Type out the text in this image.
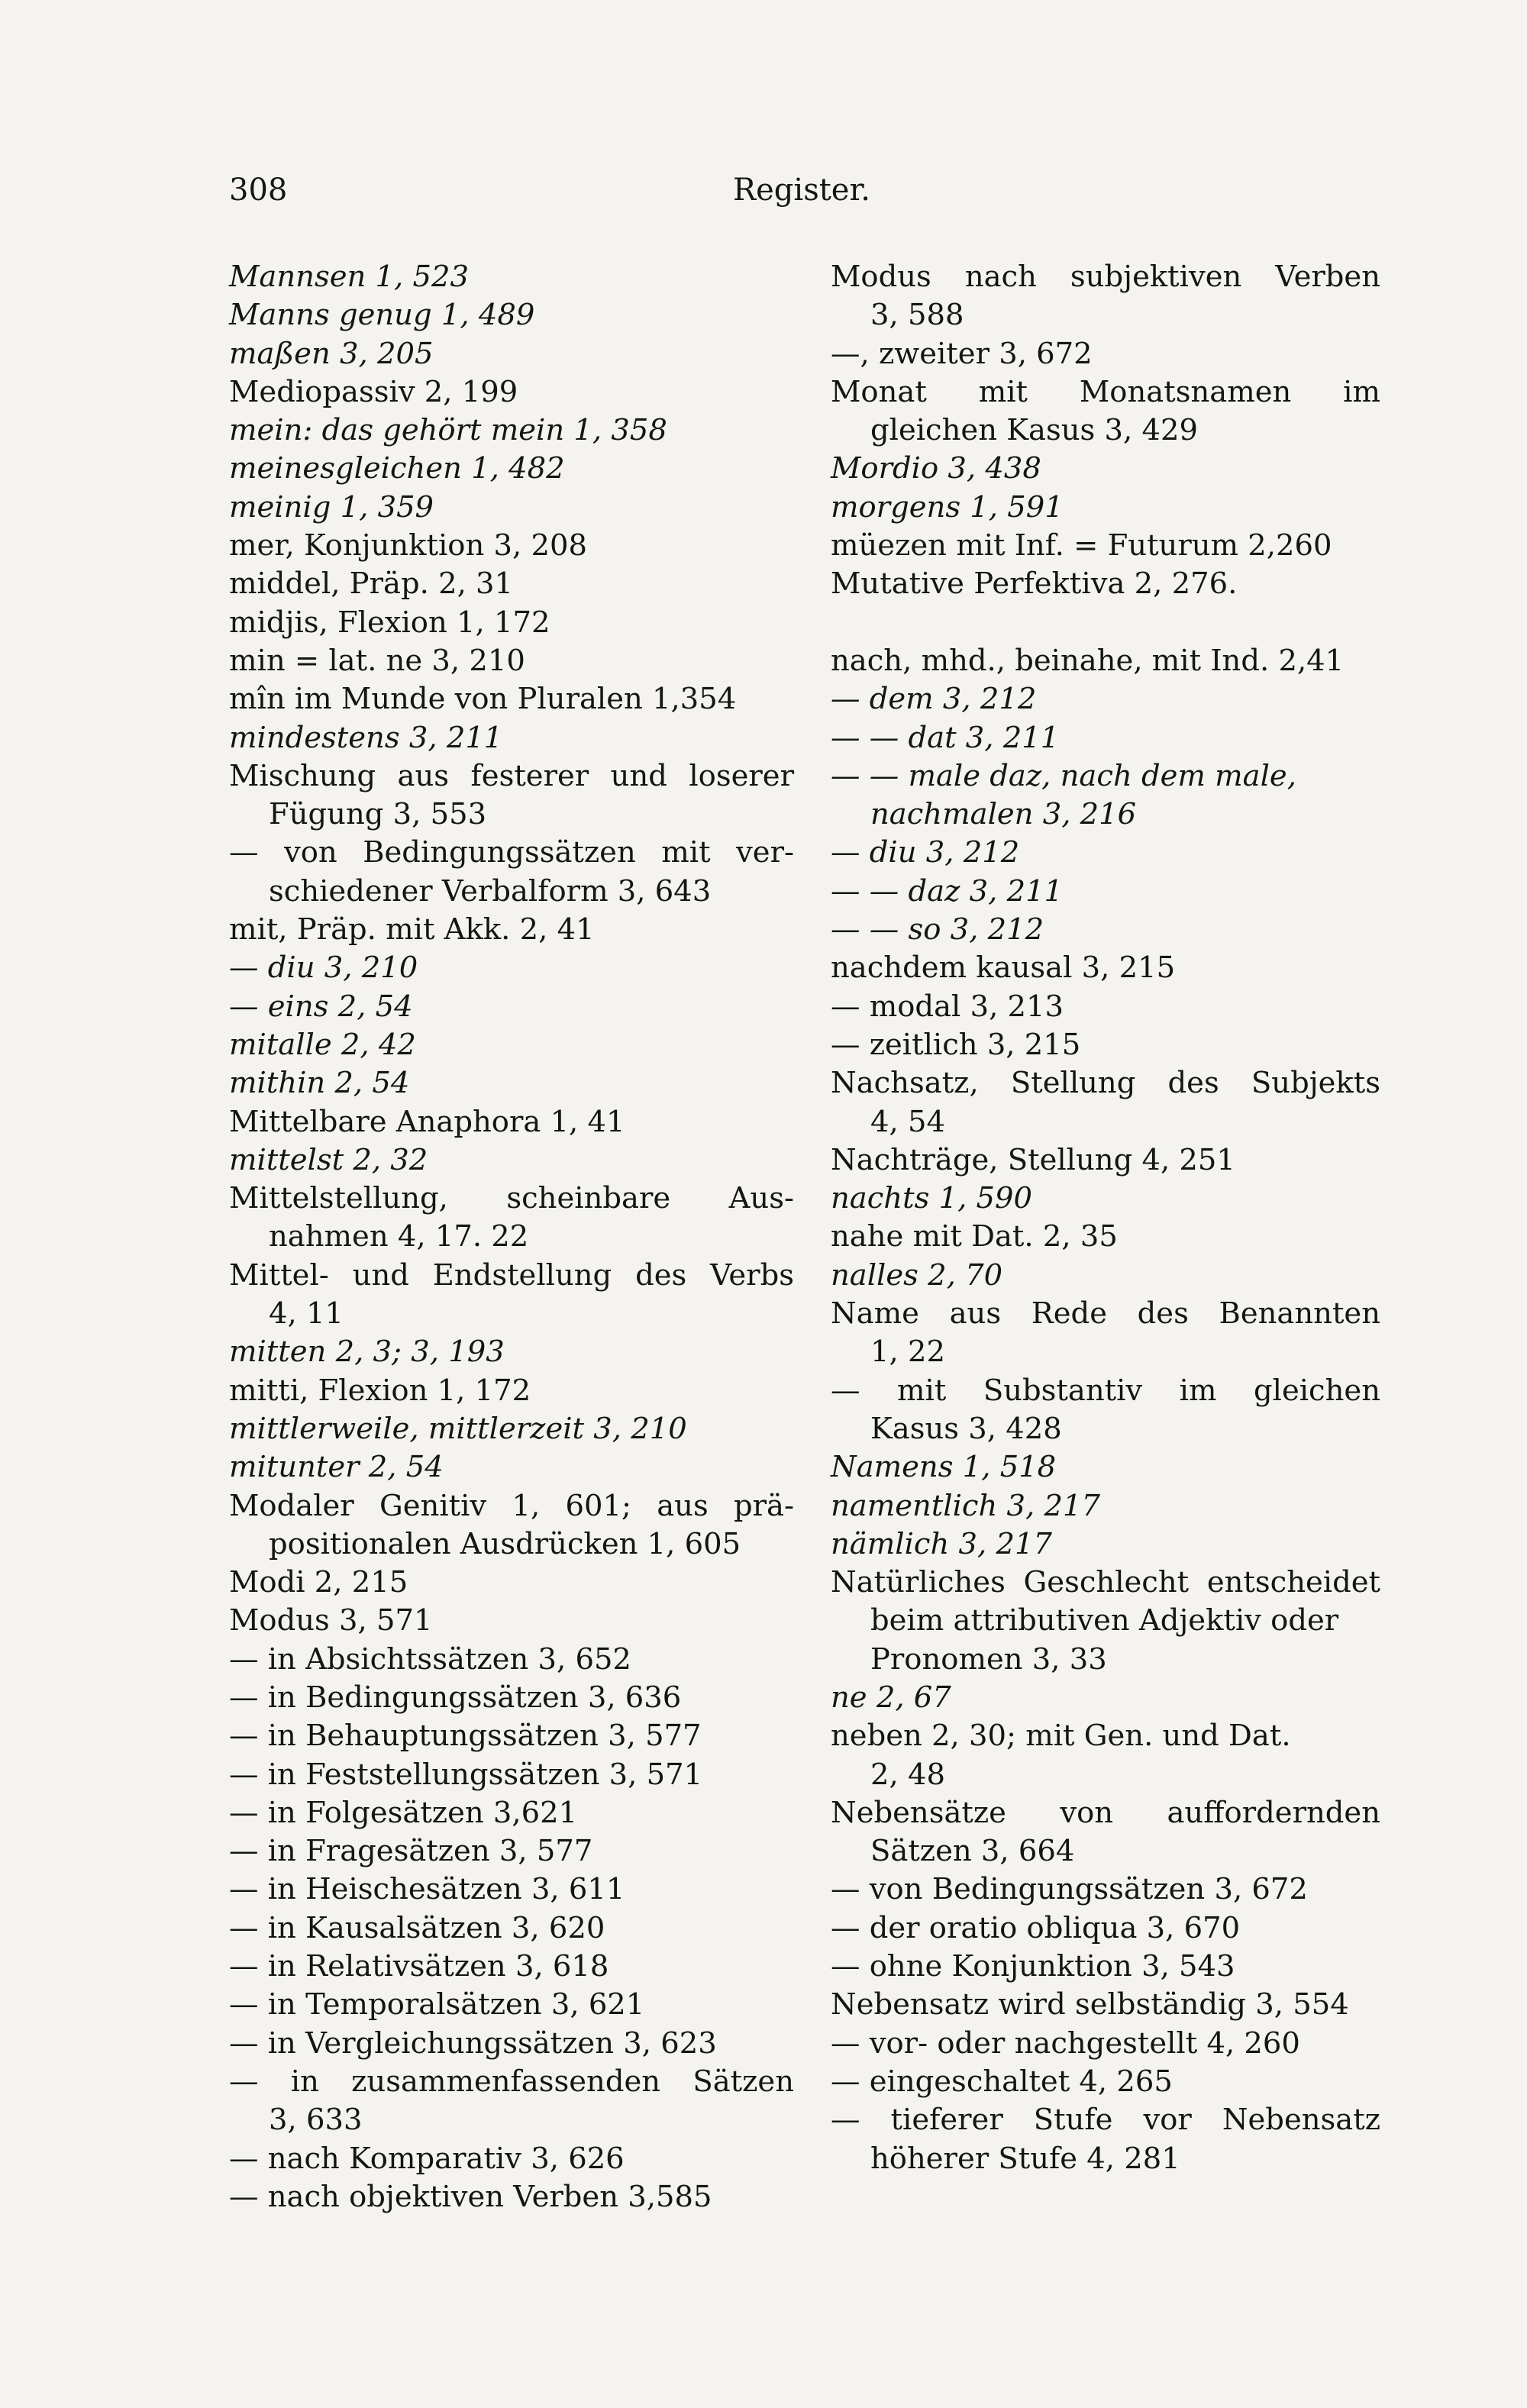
308	Register.
Mannsen 1, 523
Manns genug 1, 489
maßen 3, 205
Mediopassiv 2, 199
mein: das gehört mein 1, 358
meinesgleichen 1, 482
meinig 1, 359
mer, Konjunktion 3, 208
middel, Präp. 2, 31
midjis, Flexion 1, 172
min = lat. ne 3, 210
mîn im Munde von Pluralen 1,354
mindestens 3, 211
Mischung aus festerer und loserer
Fügung 3, 553
— von Bedingungssätzen mit ver-
schiedener Verbalform 3, 643
mit, Präp. mit Akk. 2, 41
— diu 3, 210
— eins 2, 54
mitalle 2, 42
mithin 2, 54
Mittelbare Anaphora 1, 41
mittelst 2, 32
Mittelstellung, scheinbare Aus-
nahmen 4, 17. 22
Mittel- und Endstellung des Verbs
4, 11
mitten 2, 3; 3, 193
mitti, Flexion 1, 172
mittlerweile, mittlerzeit 3, 210
mitunter 2, 54
Modaler Genitiv 1, 601; aus prä-
positionalen Ausdrücken 1, 605
Modi 2, 215
Modus 3, 571
— in Absichtssätzen 3, 652
— in Bedingungssätzen 3, 636
— in Behauptungssätzen 3, 577
— in Feststellungssätzen 3, 571
— in Folgesätzen 3,621
— in Fragesätzen 3, 577
— in Heischesätzen 3, 611
— in Kausalsätzen 3, 620
— in Relativsätzen 3, 618
— in Temporalsätzen 3, 621
— in Vergleichungssätzen 3, 623
— in zusammenfassenden Sätzen
3, 633
— nach Komparativ 3, 626
— nach objektiven Verben 3,585
Modus nach subjektiven Verben
3, 588
—, zweiter 3, 672
Monat mit Monatsnamen im
gleichen Kasus 3, 429
Mordio 3, 438
morgens 1, 591
müezen mit Inf. = Futurum 2,260
Mutative Perfektiva 2, 276.
nach, mhd., beinahe, mit Ind. 2,41
— dem 3, 212
— — dat 3, 211
— — male daz, nach dem male,
nachmalen 3, 216
— diu 3, 212
— — daz 3, 211
— — so 3, 212
nachdem kausal 3, 215
— modal 3, 213
— zeitlich 3, 215
Nachsatz, Stellung des Subjekts
4, 54
Nachträge, Stellung 4, 251
nachts 1, 590
nahe mit Dat. 2, 35
nalles 2, 70
Name aus Rede des Benannten
1, 22
— mit Substantiv im gleichen
Kasus 3, 428
Namens 1, 518
namentlich 3, 217
nämlich 3, 217
Natürliches Geschlecht entscheidet
beim attributiven Adjektiv oder
Pronomen 3, 33
ne 2, 67
neben 2, 30; mit Gen. und Dat.
2, 48
Nebensätze von auffordernden
Sätzen 3, 664
— von Bedingungssätzen 3, 672
— der oratio obliqua 3, 670
— ohne Konjunktion 3, 543
Nebensatz wird selbständig 3, 554
— vor- oder nachgestellt 4, 260
— eingeschaltet 4, 265
— tieferer Stufe vor Nebensatz
höherer Stufe 4, 281
